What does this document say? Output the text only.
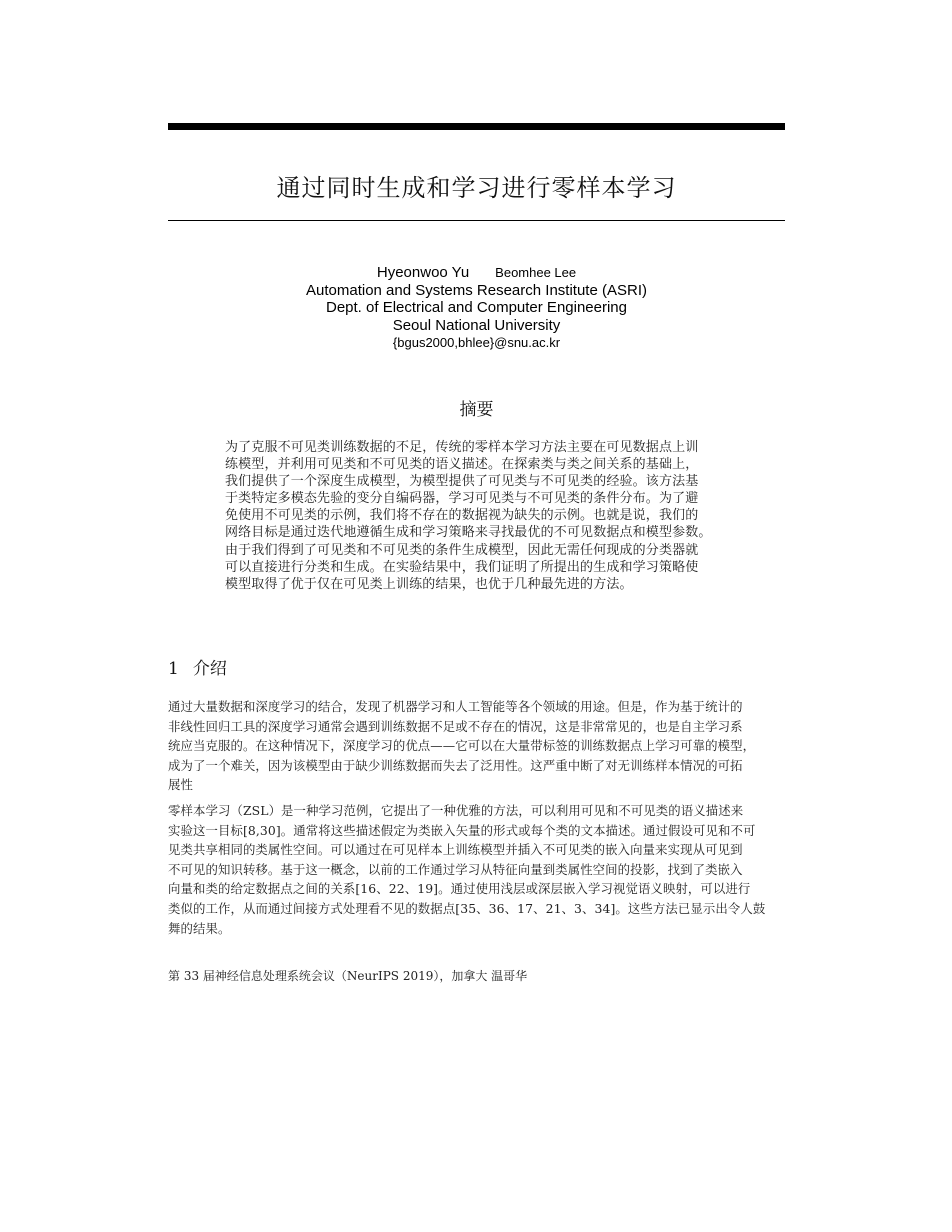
通过同时生成和学习进行零样本学习
Hyeonwoo Yu Beomhee Lee
Automation and Systems Research Institute (ASRI)
Dept. of Electrical and Computer Engineering
Seoul National University
{bgus2000,bhlee}@snu.ac.kr
摘要
为了克服不可见类训练数据的不足，传统的零样本学习方法主要在可见数据点上训
练模型，并利用可见类和不可见类的语义描述。在探索类与类之间关系的基础上，
我们提供了一个深度生成模型，为模型提供了可见类与不可见类的经验。该方法基
于类特定多模态先验的变分自编码器，学习可见类与不可见类的条件分布。为了避
免使用不可见类的示例，我们将不存在的数据视为缺失的示例。也就是说，我们的
网络目标是通过迭代地遵循生成和学习策略来寻找最优的不可见数据点和模型参数。
由于我们得到了可见类和不可见类的条件生成模型，因此无需任何现成的分类器就
可以直接进行分类和生成。在实验结果中，我们证明了所提出的生成和学习策略使
模型取得了优于仅在可见类上训练的结果，也优于几种最先进的方法。
1 介绍
通过大量数据和深度学习的结合，发现了机器学习和人工智能等各个领域的用途。但是，作为基于统计的
非线性回归工具的深度学习通常会遇到训练数据不足或不存在的情况，这是非常常见的，也是自主学习系
统应当克服的。在这种情况下，深度学习的优点——它可以在大量带标签的训练数据点上学习可靠的模型，
成为了一个难关，因为该模型由于缺少训练数据而失去了泛用性。这严重中断了对无训练样本情况的可拓
展性
零样本学习（ZSL）是一种学习范例，它提出了一种优雅的方法，可以利用可见和不可见类的语义描述来
实验这一目标[8,30]。通常将这些描述假定为类嵌入矢量的形式或每个类的文本描述。通过假设可见和不可
见类共享相同的类属性空间。可以通过在可见样本上训练模型并插入不可见类的嵌入向量来实现从可见到
不可见的知识转移。基于这一概念，以前的工作通过学习从特征向量到类属性空间的投影，找到了类嵌入
向量和类的给定数据点之间的关系[16、22、19]。通过使用浅层或深层嵌入学习视觉语义映射，可以进行
类似的工作，从而通过间接方式处理看不见的数据点[35、36、17、21、3、34]。这些方法已显示出令人鼓
舞的结果。
第 33 届神经信息处理系统会议（NeurIPS 2019），加拿大 温哥华
